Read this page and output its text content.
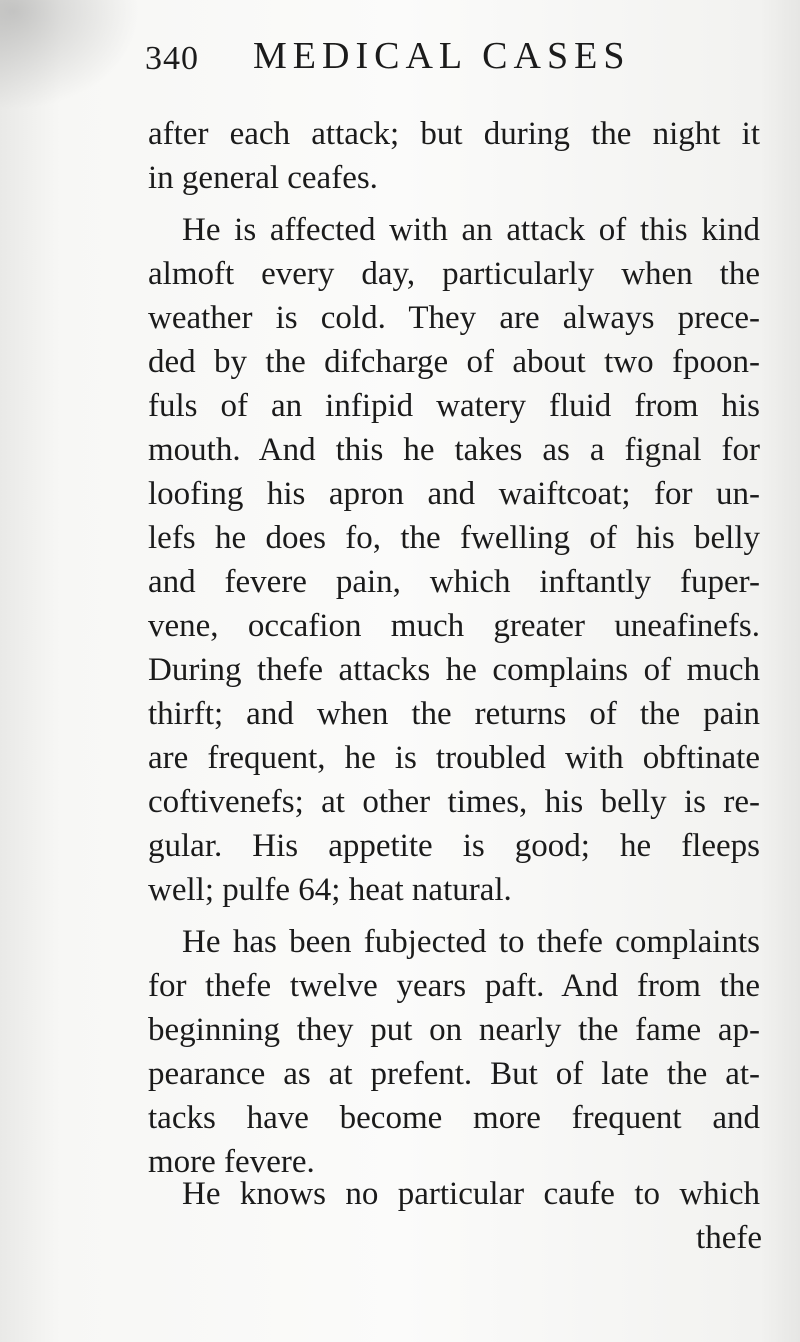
340 MEDICAL CASES
after each attack; but during the night it
in general ceafes.
He is affected with an attack of this kind
almoft every day, particularly when the
weather is cold. They are always prece-
ded by the difcharge of about two fpoon-
fuls of an infipid watery fluid from his
mouth. And this he takes as a fignal for
loofing his apron and waiftcoat; for un-
lefs he does fo, the fwelling of his belly
and fevere pain, which inftantly fuper-
vene, occafion much greater uneafinefs.
During thefe attacks he complains of much
thirft; and when the returns of the pain
are frequent, he is troubled with obftinate
coftivenefs; at other times, his belly is re-
gular. His appetite is good; he fleeps
well; pulfe 64; heat natural.
He has been fubjected to thefe complaints
for thefe twelve years paft. And from the
beginning they put on nearly the fame ap-
pearance as at prefent. But of late the at-
tacks have become more frequent and
more fevere.
He knows no particular caufe to which
thefe
